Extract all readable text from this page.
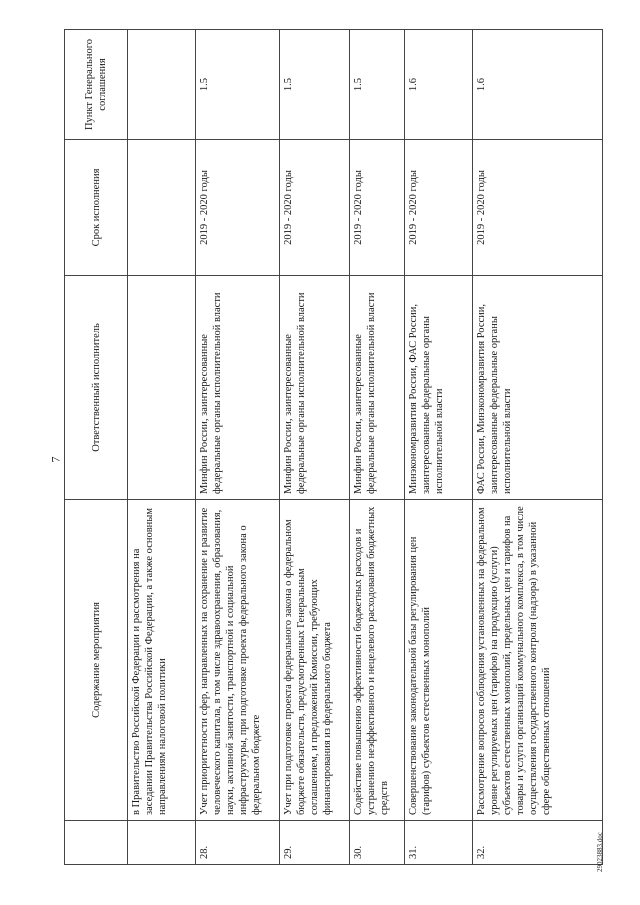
7
	Содержание мероприятия	Ответственный исполнитель	Срок исполнения	Пункт Генерального соглашения
	в Правительство Российской Федерации и рассмотрения на заседании Правительства Российской Федерации, а также основным направлениям налоговой политики			
28.	Учет приоритетности сфер, направленных на сохранение и развитие человеческого капитала, в том числе здравоохранения, образования, науки, активной занятости, транспортной и социальной инфраструктуры, при подготовке проекта федерального закона о федеральном бюджете	Минфин России, заинтересованные федеральные органы исполнительной власти	2019 - 2020 годы	1.5
29.	Учет при подготовке проекта федерального закона о федеральном бюджете обязательств, предусмотренных Генеральным соглашением, и предложений Комиссии, требующих финансирования из федерального бюджета	Минфин России, заинтересованные федеральные органы исполнительной власти	2019 - 2020 годы	1.5
30.	Содействие повышению эффективности бюджетных расходов и устранению неэффективного и нецелевого расходования бюджетных средств	Минфин России, заинтересованные федеральные органы исполнительной власти	2019 - 2020 годы	1.5
31.	Совершенствование законодательной базы регулирования цен (тарифов) субъектов естественных монополий	Минэкономразвития России, ФАС России, заинтересованные федеральные органы исполнительной власти	2019 - 2020 годы	1.6
32.	Рассмотрение вопросов соблюдения установленных на федеральном уровне регулируемых цен (тарифов) на продукцию (услуги) субъектов естественных монополий, предельных цен и тарифов на товары и услуги организаций коммунального комплекса, в том числе осуществления государственного контроля (надзора) в указанной сфере общественных отношений	ФАС России, Минэкономразвития России, заинтересованные федеральные органы исполнительной власти	2019 - 2020 годы	1.6
29023883.doc
